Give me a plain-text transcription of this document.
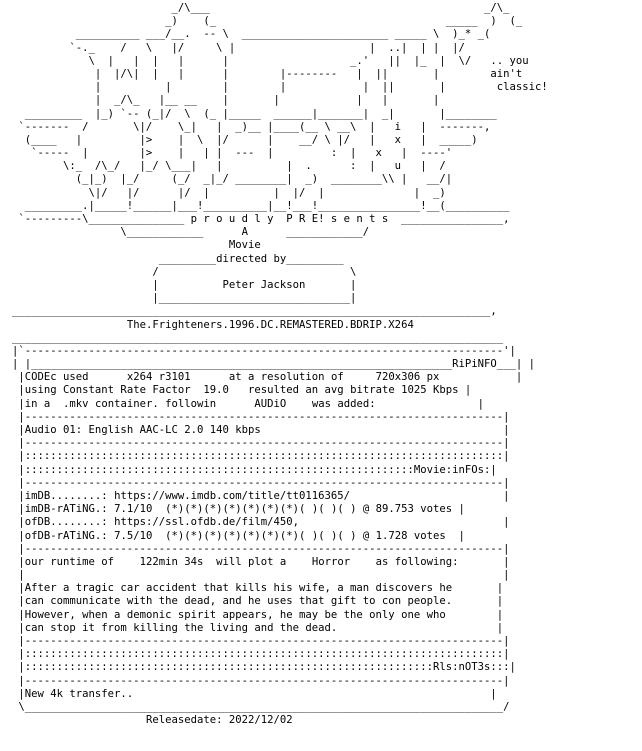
_/\___                                           _/\_
_)    (_                                    _____  )  (_
__________ ___/__.  -- \  _______________________ _____ \  )_* _(
`-._    /   \   |/     \ |                     |  ..|  | |  |/
\  |   |  |   |      |                   _.'   ||  |_  |  \/   .. you
|  |/\|  |   |      |        |--------   |  ||       |        ain't
|          |        |        |            |  ||       |        classic!
|  _/\_   |__ __    |       |            |   |       |
_________  |_) `-- (_|/  \  (_ |_____  ______|_______|  _|       |________
`-------  /       \|/    \_|   |  _)__ |____(__ \ __\  |   i   |  -------,
(____   |         |>    |  \  |/      |    __/ \ |/   |   x   |  _____)
`-----  |        |>    |   | |  ---  |         :  |   x   |  ----'
\:_  /\_/   |_/ \___|   |          |  .      :  |   u   |  /
(_|_)  |_/     (_/  _|_/ ________|  _)  ________\\ |   __/|
\|/   |/      |/  |          |  |/  |              |  _)
_________.|_____!______|___!__________|__!___!________________!__(__________
`---------\_______________ p r o u d l y  P R E! s e n t s  ________________,
\____________      A      ____________/
Movie
_________directed by_________
/                              \
|          Peter Jackson       |
|______________________________|
___________________________________________________________________________,
The.Frighteners.1996.DC.REMASTERED.BDRIP.X264
_____________________________________________________________________________
|`---------------------------------------------------------------------------'|
| |__________________________________________________________________RiPiNFO___| |
|CODEc used	x264 r3101	at a resolution of	720x306 px            |
|using Constant Rate Factor 19.0 resulted an avg bitrate 1025 Kbps |
|in a .mkv container. followin	AUDiO was added:                |
|---------------------------------------------------------------------------|
|Audio 01: English AAC-LC 2.0 140 kbps                                      |
|---------------------------------------------------------------------------|
|:::::::::::::::::::::::::::::::::::::::::::::::::::::::::::::::::::::::::::|
|:::::::::::::::::::::::::::::::::::::::::::::::::::::::::::::Movie:inFOs:|
|---------------------------------------------------------------------------|
|imDB........: https://www.imdb.com/title/tt0116365/                        |
|imDB-rATiNG.: 7.1/10 (*)(*)(*)(*)(*)(*)(*)( )( )( ) @ 89.753 votes |
|ofDB........: https://ssl.ofdb.de/film/450,                                |
|ofDB-rATiNG.: 7.5/10 (*)(*)(*)(*)(*)(*)(*)( )( )( ) @ 1.728 votes  |
|---------------------------------------------------------------------------|
|our runtime of 122min 34s will plot a Horror as following:       |
|                                                                           |
|After a tragic car accident that kills his wife, a man discovers he       |
|can communicate with the dead, and he uses that gift to con people.       |
|However, when a demonic spirit appears, he may be the only one who        |
|can stop it from killing the living and the dead.                         |
|---------------------------------------------------------------------------|
|:::::::::::::::::::::::::::::::::::::::::::::::::::::::::::::::::::::::::::|
|::::::::::::::::::::::::::::::::::::::::::::::::::::::::::::::::Rls:nOT3s:::|
|---------------------------------------------------------------------------|
|New 4k transfer..                                                        |
\___________________________________________________________________________/
Releasedate: 2022/12/02
